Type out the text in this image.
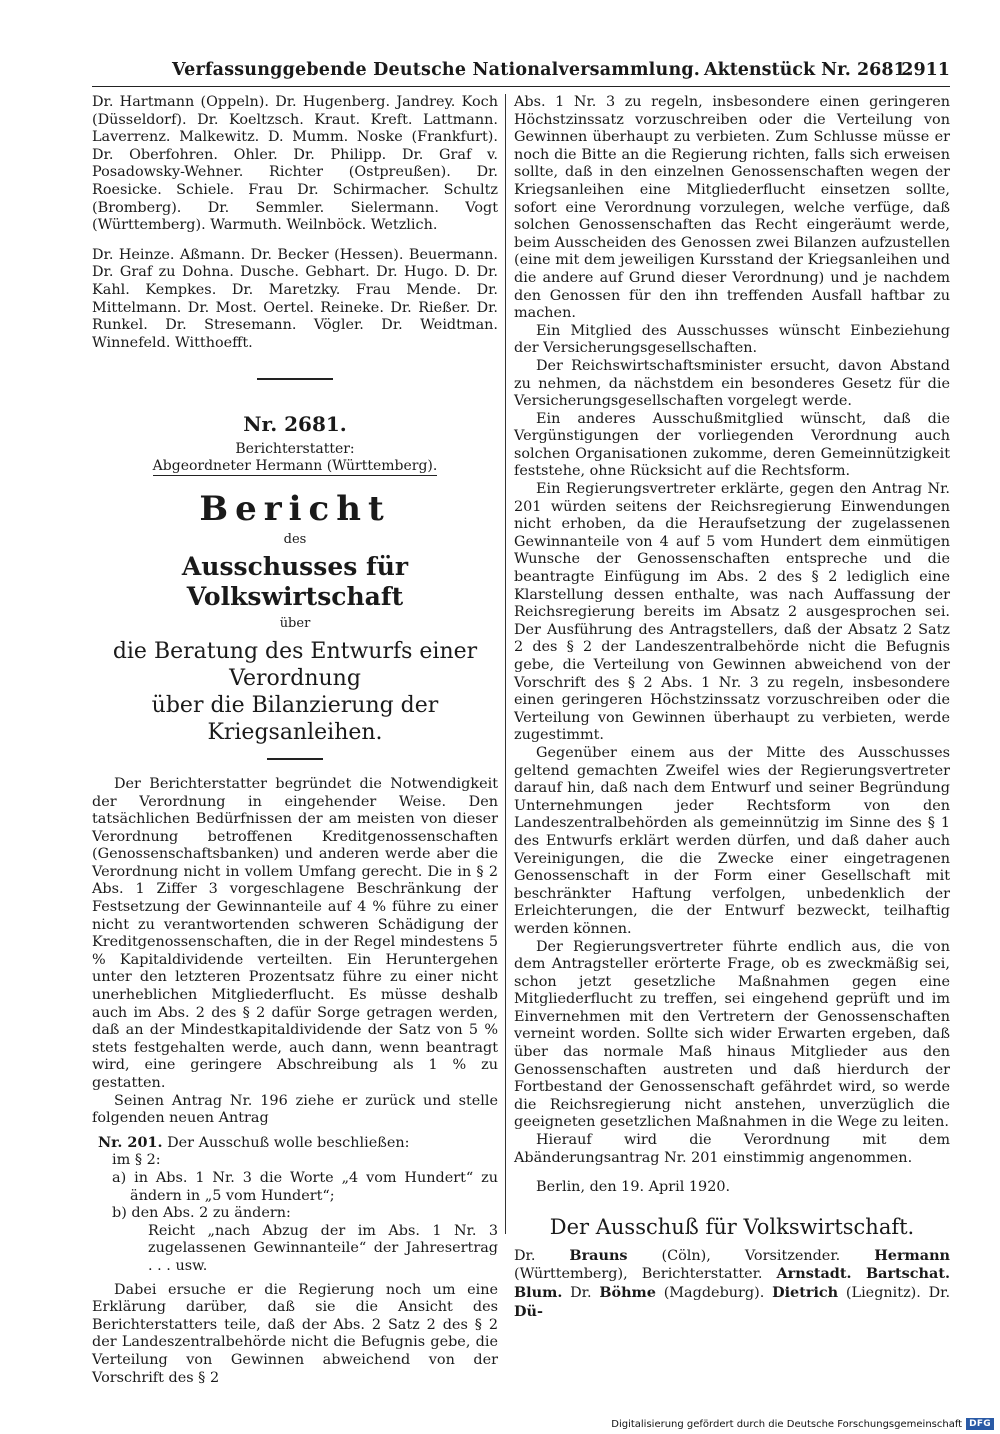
Verfassunggebende Deutsche Nationalversammlung. Aktenstück Nr. 2681.
2911

Dr. Hartmann (Oppeln). Dr. Hugenberg. Jandrey. Koch (Düsseldorf). Dr. Koeltzsch. Kraut. Kreft. Lattmann. Laverrenz. Malkewitz. D. Mumm. Noske (Frankfurt). Dr. Oberfohren. Ohler. Dr. Philipp. Dr. Graf v. Posadowsky-Wehner. Richter (Ostpreußen). Dr. Roesicke. Schiele. Frau Dr. Schirmacher. Schultz (Bromberg). Dr. Semmler. Sielermann. Vogt (Württemberg). Warmuth. Weilnböck. Wetzlich.

Dr. Heinze. Aßmann. Dr. Becker (Hessen). Beuermann. Dr. Graf zu Dohna. Dusche. Gebhart. Dr. Hugo. D. Dr. Kahl. Kempkes. Dr. Maretzky. Frau Mende. Dr. Mittelmann. Dr. Most. Oertel. Reineke. Dr. Rießer. Dr. Runkel. Dr. Stresemann. Vögler. Dr. Weidtman. Winnefeld. Witthoefft.

Nr. 2681.
Berichterstatter:
Abgeordneter Hermann (Württemberg).
Bericht
des
Ausschusses für Volkswirtschaft
über
die Beratung des Entwurfs einer Verordnung
über die Bilanzierung der Kriegsanleihen.

Der Berichterstatter begründet die Notwendigkeit der Verordnung in eingehender Weise. Den tatsächlichen Bedürfnissen der am meisten von dieser Verordnung betroffenen Kreditgenossenschaften (Genossenschaftsbanken) und anderen werde aber die Verordnung nicht in vollem Umfang gerecht. Die in § 2 Abs. 1 Ziffer 3 vorgeschlagene Beschränkung der Festsetzung der Gewinnanteile auf 4 % führe zu einer nicht zu verantwortenden schweren Schädigung der Kreditgenossenschaften, die in der Regel mindestens 5 % Kapitaldividende verteilten. Ein Heruntergehen unter den letzteren Prozentsatz führe zu einer nicht unerheblichen Mitgliederflucht. Es müsse deshalb auch im Abs. 2 des § 2 dafür Sorge getragen werden, daß an der Mindestkapitaldividende der Satz von 5 % stets festgehalten werde, auch dann, wenn beantragt wird, eine geringere Abschreibung als 1 % zu gestatten.

Seinen Antrag Nr. 196 ziehe er zurück und stelle folgenden neuen Antrag

Nr. 201. Der Ausschuß wolle beschließen:
im § 2:
a) in Abs. 1 Nr. 3 die Worte „4 vom Hundert“ zu ändern in „5 vom Hundert“;
b) den Abs. 2 zu ändern:
Reicht „nach Abzug der im Abs. 1 Nr. 3 zugelassenen Gewinnanteile“ der Jahresertrag . . . usw.

Dabei ersuche er die Regierung noch um eine Erklärung darüber, daß sie die Ansicht des Berichterstatters teile, daß der Abs. 2 Satz 2 des § 2 der Landeszentralbehörde nicht die Befugnis gebe, die Verteilung von Gewinnen abweichend von der Vorschrift des § 2

Abs. 1 Nr. 3 zu regeln, insbesondere einen geringeren Höchstzinssatz vorzuschreiben oder die Verteilung von Gewinnen überhaupt zu verbieten. Zum Schlusse müsse er noch die Bitte an die Regierung richten, falls sich erweisen sollte, daß in den einzelnen Genossenschaften wegen der Kriegsanleihen eine Mitgliederflucht einsetzen sollte, sofort eine Verordnung vorzulegen, welche verfüge, daß solchen Genossenschaften das Recht eingeräumt werde, beim Ausscheiden des Genossen zwei Bilanzen aufzustellen (eine mit dem jeweiligen Kursstand der Kriegsanleihen und die andere auf Grund dieser Verordnung) und je nachdem den Genossen für den ihn treffenden Ausfall haftbar zu machen.

Ein Mitglied des Ausschusses wünscht Einbeziehung der Versicherungsgesellschaften.

Der Reichswirtschaftsminister ersucht, davon Abstand zu nehmen, da nächstdem ein besonderes Gesetz für die Versicherungsgesellschaften vorgelegt werde.

Ein anderes Ausschußmitglied wünscht, daß die Vergünstigungen der vorliegenden Verordnung auch solchen Organisationen zukomme, deren Gemeinnützigkeit feststehe, ohne Rücksicht auf die Rechtsform.

Ein Regierungsvertreter erklärte, gegen den Antrag Nr. 201 würden seitens der Reichsregierung Einwendungen nicht erhoben, da die Heraufsetzung der zugelassenen Gewinnanteile von 4 auf 5 vom Hundert dem einmütigen Wunsche der Genossenschaften entspreche und die beantragte Einfügung im Abs. 2 des § 2 lediglich eine Klarstellung dessen enthalte, was nach Auffassung der Reichsregierung bereits im Absatz 2 ausgesprochen sei. Der Ausführung des Antragstellers, daß der Absatz 2 Satz 2 des § 2 der Landeszentralbehörde nicht die Befugnis gebe, die Verteilung von Gewinnen abweichend von der Vorschrift des § 2 Abs. 1 Nr. 3 zu regeln, insbesondere einen geringeren Höchstzinssatz vorzuschreiben oder die Verteilung von Gewinnen überhaupt zu verbieten, werde zugestimmt.

Gegenüber einem aus der Mitte des Ausschusses geltend gemachten Zweifel wies der Regierungsvertreter darauf hin, daß nach dem Entwurf und seiner Begründung Unternehmungen jeder Rechtsform von den Landeszentralbehörden als gemeinnützig im Sinne des § 1 des Entwurfs erklärt werden dürfen, und daß daher auch Vereinigungen, die die Zwecke einer eingetragenen Genossenschaft in der Form einer Gesellschaft mit beschränkter Haftung verfolgen, unbedenklich der Erleichterungen, die der Entwurf bezweckt, teilhaftig werden können.

Der Regierungsvertreter führte endlich aus, die von dem Antragsteller erörterte Frage, ob es zweckmäßig sei, schon jetzt gesetzliche Maßnahmen gegen eine Mitgliederflucht zu treffen, sei eingehend geprüft und im Einvernehmen mit den Vertretern der Genossenschaften verneint worden. Sollte sich wider Erwarten ergeben, daß über das normale Maß hinaus Mitglieder aus den Genossenschaften austreten und daß hierdurch der Fortbestand der Genossenschaft gefährdet wird, so werde die Reichsregierung nicht anstehen, unverzüglich die geeigneten gesetzlichen Maßnahmen in die Wege zu leiten.

Hierauf wird die Verordnung mit dem Abänderungsantrag Nr. 201 einstimmig angenommen.

Berlin, den 19. April 1920.

Der Ausschuß für Volkswirtschaft.

Dr. Brauns (Cöln), Vorsitzender. Hermann (Württemberg), Berichterstatter. Arnstadt. Bartschat. Blum. Dr. Böhme (Magdeburg). Dietrich (Liegnitz). Dr. Dü-

Digitalisierung gefördert durch die Deutsche Forschungsgemeinschaft DFG
